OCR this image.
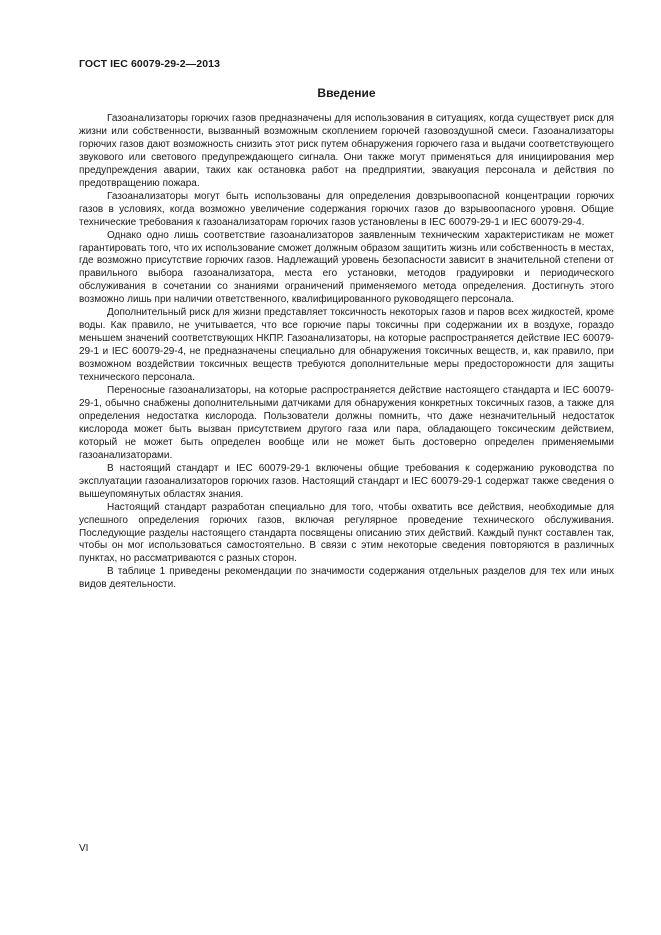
ГОСТ IEC 60079-29-2—2013
Введение

Газоанализаторы горючих газов предназначены для использования в ситуациях, когда существует риск для жизни или собственности, вызванный возможным скоплением горючей газовоздушной смеси. Газоанализаторы горючих газов дают возможность снизить этот риск путем обнаружения горючего газа и выдачи соответствующего звукового или светового предупреждающего сигнала. Они также могут применяться для инициирования мер предупреждения аварии, таких как остановка работ на предприятии, эвакуация персонала и действия по предотвращению пожара.

Газоанализаторы могут быть использованы для определения довзрывоопасной концентрации горючих газов в условиях, когда возможно увеличение содержания горючих газов до взрывоопасного уровня. Общие технические требования к газоанализаторам горючих газов установлены в IEC 60079-29-1 и IEC 60079-29-4.

Однако одно лишь соответствие газоанализаторов заявленным техническим характеристикам не может гарантировать того, что их использование сможет должным образом защитить жизнь или собственность в местах, где возможно присутствие горючих газов. Надлежащий уровень безопасности зависит в значительной степени от правильного выбора газоанализатора, места его установки, методов градуировки и периодического обслуживания в сочетании со знаниями ограничений применяемого метода определения. Достигнуть этого возможно лишь при наличии ответственного, квалифицированного руководящего персонала.

Дополнительный риск для жизни представляет токсичность некоторых газов и паров всех жидкостей, кроме воды. Как правило, не учитывается, что все горючие пары токсичны при содержании их в воздухе, гораздо меньшем значений соответствующих НКПР. Газоанализаторы, на которые распространяется действие IEC 60079-29-1 и IEC 60079-29-4, не предназначены специально для обнаружения токсичных веществ, и, как правило, при возможном воздействии токсичных веществ требуются дополнительные меры предосторожности для защиты технического персонала.

Переносные газоанализаторы, на которые распространяется действие настоящего стандарта и IEC 60079-29-1, обычно снабжены дополнительными датчиками для обнаружения конкретных токсичных газов, а также для определения недостатка кислорода. Пользователи должны помнить, что даже незначительный недостаток кислорода может быть вызван присутствием другого газа или пара, обладающего токсическим действием, который не может быть определен вообще или не может быть достоверно определен применяемыми газоанализаторами.

В настоящий стандарт и IEC 60079-29-1 включены общие требования к содержанию руководства по эксплуатации газоанализаторов горючих газов. Настоящий стандарт и IEC 60079-29-1 содержат также сведения о вышеупомянутых областях знания.

Настоящий стандарт разработан специально для того, чтобы охватить все действия, необходимые для успешного определения горючих газов, включая регулярное проведение технического обслуживания. Последующие разделы настоящего стандарта посвящены описанию этих действий. Каждый пункт составлен так, чтобы он мог использоваться самостоятельно. В связи с этим некоторые сведения повторяются в различных пунктах, но рассматриваются с разных сторон.

В таблице 1 приведены рекомендации по значимости содержания отдельных разделов для тех или иных видов деятельности.

VI
